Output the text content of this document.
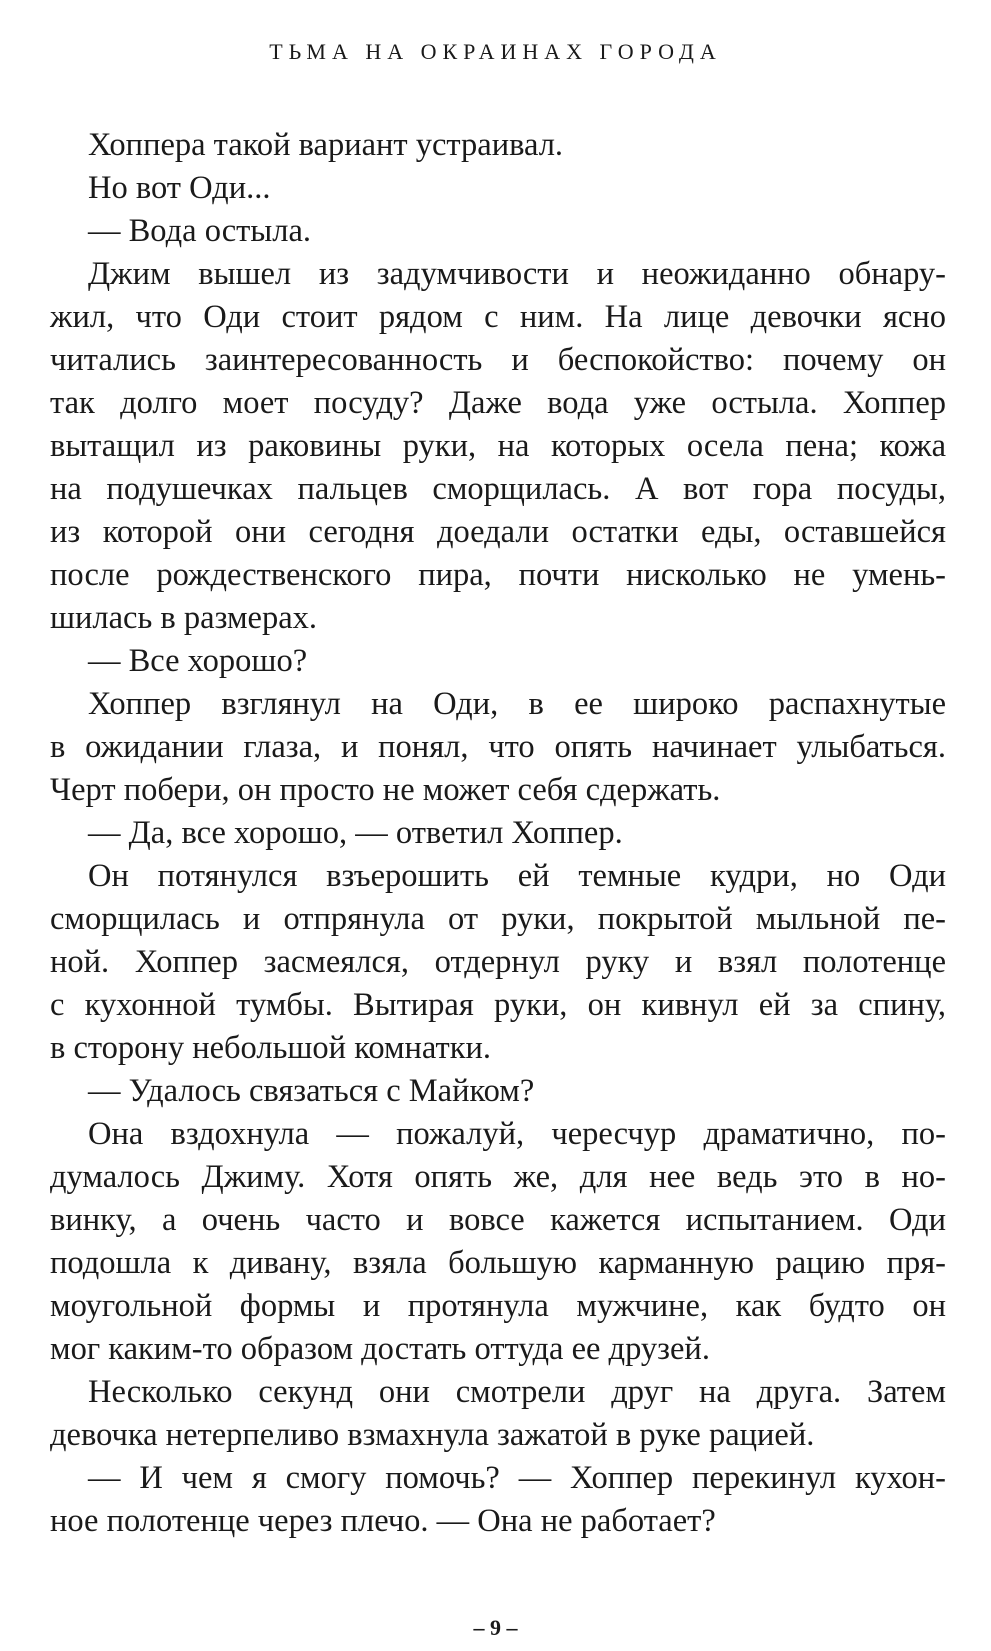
ТЬМА НА ОКРАИНАХ ГОРОДА
Хоппера такой вариант устраивал.
Но вот Оди...
— Вода остыла.
Джим вышел из задумчивости и неожиданно обнару-
жил, что Оди стоит рядом с ним. На лице девочки ясно
читались заинтересованность и беспокойство: почему он
так долго моет посуду? Даже вода уже остыла. Хоппер
вытащил из раковины руки, на которых осела пена; кожа
на подушечках пальцев сморщилась. А вот гора посуды,
из которой они сегодня доедали остатки еды, оставшейся
после рождественского пира, почти нисколько не умень-
шилась в размерах.
— Все хорошо?
Хоппер взглянул на Оди, в ее широко распахнутые
в ожидании глаза, и понял, что опять начинает улыбаться.
Черт побери, он просто не может себя сдержать.
— Да, все хорошо, — ответил Хоппер.
Он потянулся взъерошить ей темные кудри, но Оди
сморщилась и отпрянула от руки, покрытой мыльной пе-
ной. Хоппер засмеялся, отдернул руку и взял полотенце
с кухонной тумбы. Вытирая руки, он кивнул ей за спину,
в сторону небольшой комнатки.
— Удалось связаться с Майком?
Она вздохнула — пожалуй, чересчур драматично, по-
думалось Джиму. Хотя опять же, для нее ведь это в но-
винку, а очень часто и вовсе кажется испытанием. Оди
подошла к дивану, взяла большую карманную рацию пря-
моугольной формы и протянула мужчине, как будто он
мог каким-то образом достать оттуда ее друзей.
Несколько секунд они смотрели друг на друга. Затем
девочка нетерпеливо взмахнула зажатой в руке рацией.
— И чем я смогу помочь? — Хоппер перекинул кухон-
ное полотенце через плечо. — Она не работает?
– 9 –
